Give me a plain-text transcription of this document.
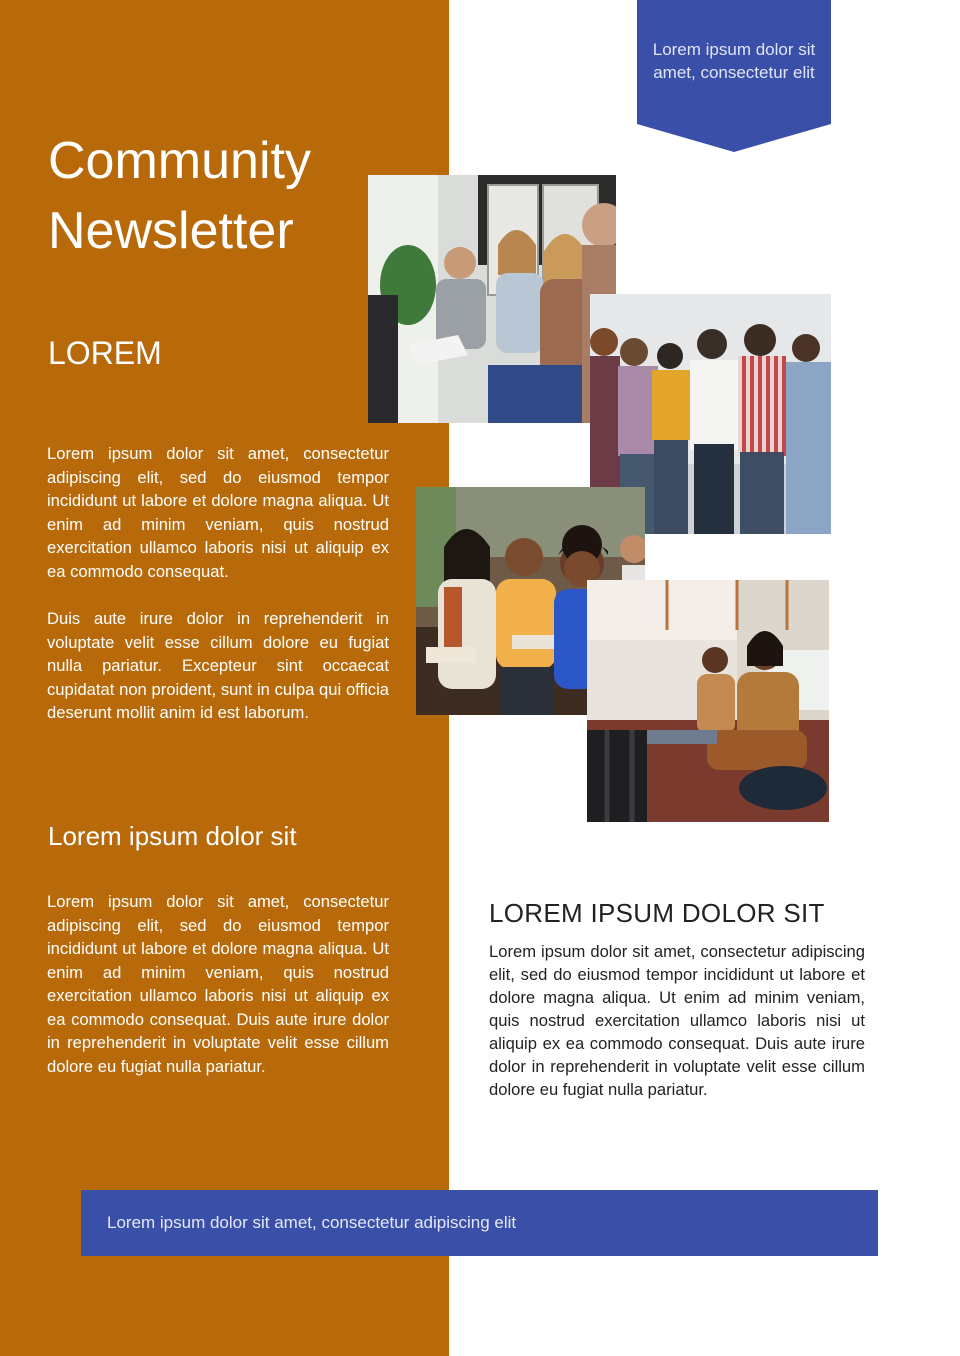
Lorem ipsum dolor sit amet, consectetur elit
Community
Newsletter
LOREM

Lorem ipsum dolor sit amet, consectetur adipiscing elit, sed do eiusmod tempor incididunt ut labore et dolore magna aliqua. Ut enim ad minim veniam, quis nostrud exercitation ullamco laboris nisi ut aliquip ex ea commodo consequat.

Duis aute irure dolor in reprehenderit in voluptate velit esse cillum dolore eu fugiat nulla pariatur. Excepteur sint occaecat cupidatat non proident, sunt in culpa qui officia deserunt mollit anim id est laborum.

Lorem ipsum dolor sit

Lorem ipsum dolor sit amet, consectetur adipiscing elit, sed do eiusmod tempor incididunt ut labore et dolore magna aliqua. Ut enim ad minim veniam, quis nostrud exercitation ullamco laboris nisi ut aliquip ex ea commodo consequat. Duis aute irure dolor in reprehenderit in voluptate velit esse cillum dolore eu fugiat nulla pariatur.

LOREM IPSUM DOLOR SIT

Lorem ipsum dolor sit amet, consectetur adipiscing elit, sed do eiusmod tempor incididunt ut labore et dolore magna aliqua. Ut enim ad minim veniam, quis nostrud exercitation ullamco laboris nisi ut aliquip ex ea commodo consequat. Duis aute irure dolor in reprehenderit in voluptate velit esse cillum dolore eu fugiat nulla pariatur.

Lorem ipsum dolor sit amet, consectetur adipiscing elit
